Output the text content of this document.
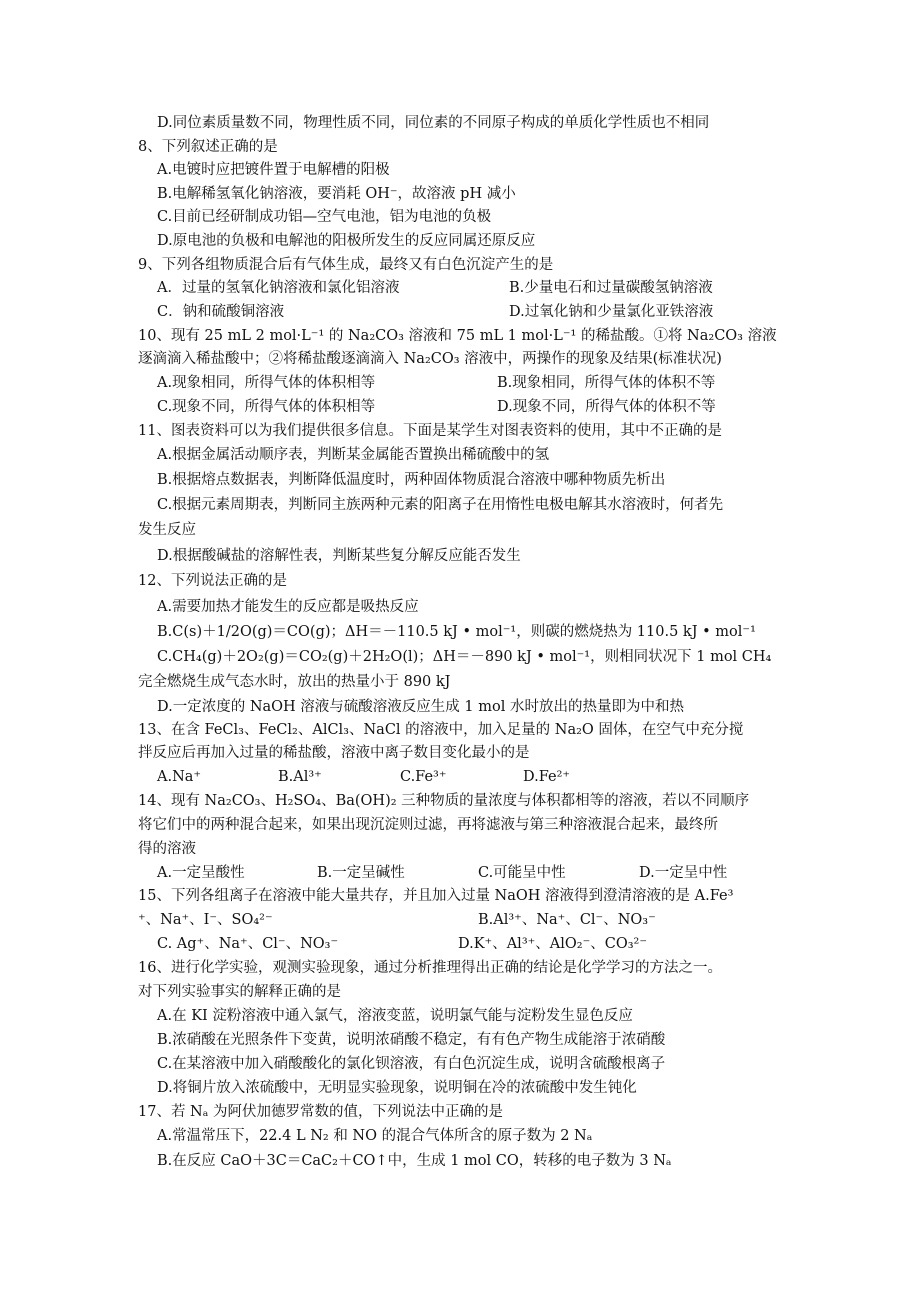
D.同位素质量数不同，物理性质不同，同位素的不同原子构成的单质化学性质也不相同
8、下列叙述正确的是
A.电镀时应把镀件置于电解槽的阳极
B.电解稀氢氧化钠溶液，要消耗 OH⁻，故溶液 pH 减小
C.目前已经研制成功铝—空气电池，铝为电池的负极
D.原电池的负极和电解池的阳极所发生的反应同属还原反应
9、下列各组物质混合后有气体生成，最终又有白色沉淀产生的是
A．过量的氢氧化钠溶液和氯化铝溶液	B.少量电石和过量碳酸氢钠溶液
C．钠和硫酸铜溶液	D.过氧化钠和少量氯化亚铁溶液
10、现有 25 mL 2 mol·L⁻¹ 的 Na₂CO₃ 溶液和 75 mL 1 mol·L⁻¹ 的稀盐酸。①将 Na₂CO₃ 溶液
逐滴滴入稀盐酸中；②将稀盐酸逐滴滴入 Na₂CO₃ 溶液中，两操作的现象及结果(标准状况)
A.现象相同，所得气体的体积相等	B.现象相同，所得气体的体积不等
C.现象不同，所得气体的体积相等	D.现象不同，所得气体的体积不等
11、图表资料可以为我们提供很多信息。下面是某学生对图表资料的使用，其中不正确的是
A.根据金属活动顺序表，判断某金属能否置换出稀硫酸中的氢
B.根据熔点数据表，判断降低温度时，两种固体物质混合溶液中哪种物质先析出
C.根据元素周期表，判断同主族两种元素的阳离子在用惰性电极电解其水溶液时，何者先
发生反应
D.根据酸碱盐的溶解性表，判断某些复分解反应能否发生
12、下列说法正确的是
A.需要加热才能发生的反应都是吸热反应
B.C(s)＋1/2O(g)＝CO(g)；ΔH＝－110.5 kJ • mol⁻¹，则碳的燃烧热为 110.5 kJ • mol⁻¹
C.CH₄(g)＋2O₂(g)＝CO₂(g)＋2H₂O(l)；ΔH＝－890 kJ • mol⁻¹，则相同状况下 1 mol CH₄
完全燃烧生成气态水时，放出的热量小于 890 kJ
D.一定浓度的 NaOH 溶液与硫酸溶液反应生成 1 mol 水时放出的热量即为中和热
13、在含 FeCl₃、FeCl₂、AlCl₃、NaCl 的溶液中，加入足量的 Na₂O 固体，在空气中充分搅
拌反应后再加入过量的稀盐酸，溶液中离子数目变化最小的是
A.Na⁺	B.Al³⁺	C.Fe³⁺	D.Fe²⁺
14、现有 Na₂CO₃、H₂SO₄、Ba(OH)₂ 三种物质的量浓度与体积都相等的溶液，若以不同顺序
将它们中的两种混合起来，如果出现沉淀则过滤，再将滤液与第三种溶液混合起来，最终所
得的溶液
A.一定呈酸性	B.一定呈碱性	C.可能呈中性	D.一定呈中性
15、下列各组离子在溶液中能大量共存，并且加入过量 NaOH 溶液得到澄清溶液的是 A.Fe³
⁺、Na⁺、I⁻、SO₄²⁻	B.Al³⁺、Na⁺、Cl⁻、NO₃⁻
C. Ag⁺、Na⁺、Cl⁻、NO₃⁻	D.K⁺、Al³⁺、AlO₂⁻、CO₃²⁻
16、进行化学实验，观测实验现象，通过分析推理得出正确的结论是化学学习的方法之一。
对下列实验事实的解释正确的是
A.在 KI 淀粉溶液中通入氯气，溶液变蓝，说明氯气能与淀粉发生显色反应
B.浓硝酸在光照条件下变黄，说明浓硝酸不稳定，有有色产物生成能溶于浓硝酸
C.在某溶液中加入硝酸酸化的氯化钡溶液，有白色沉淀生成，说明含硫酸根离子
D.将铜片放入浓硫酸中，无明显实验现象，说明铜在冷的浓硫酸中发生钝化
17、若 Nₐ 为阿伏加德罗常数的值，下列说法中正确的是
A.常温常压下，22.4 L N₂ 和 NO 的混合气体所含的原子数为 2 Nₐ
B.在反应 CaO＋3C＝CaC₂＋CO↑中，生成 1 mol CO，转移的电子数为 3 Nₐ
